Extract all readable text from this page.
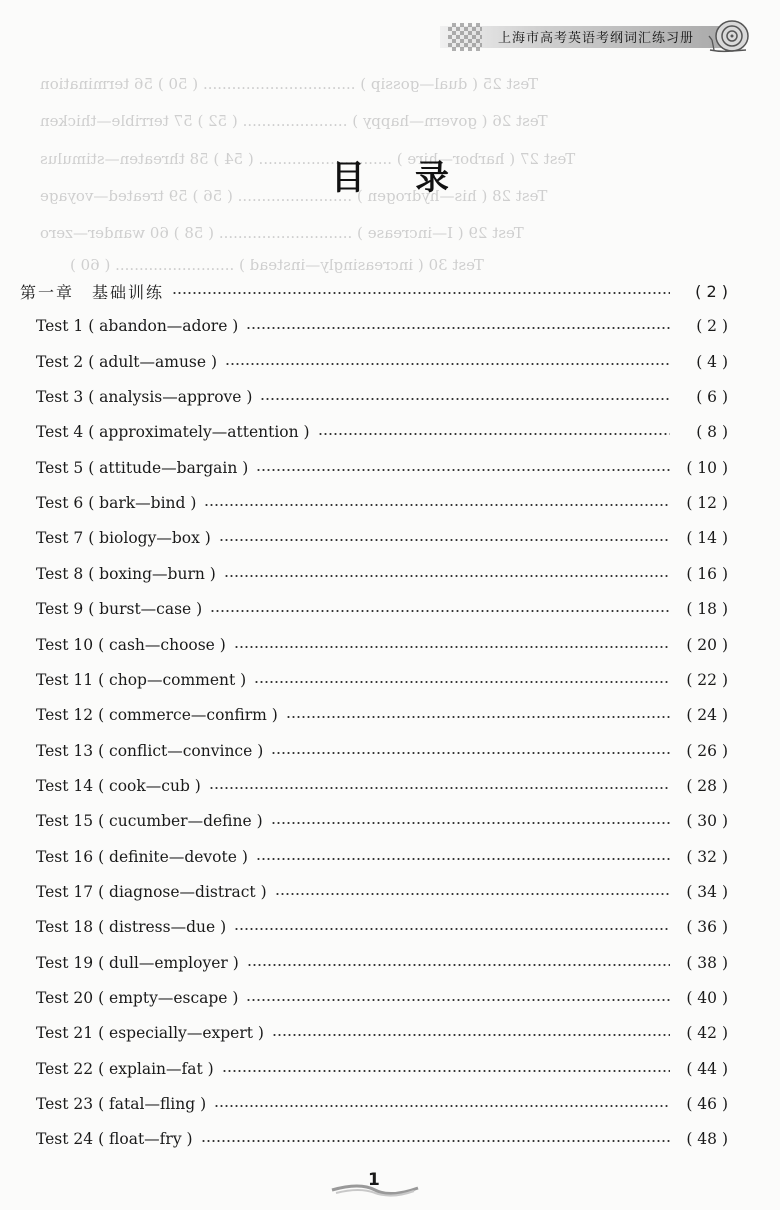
上海市高考英语考纲词汇练习册
Test 25 ( dual—gossip ) ................................ ( 50 ) 56 termination
Test 26 ( govern—happy ) ...................... ( 52 ) 57 terrible—thicken
Test 27 ( harbor—hire ) ............................ ( 54 ) 58 threaten—stimulus
Test 28 ( his—hydrogen ) ........................ ( 56 ) 59 treated—voyage
Test 29 ( I—increase ) ............................ ( 58 ) 60 wander—zero
Test 30 ( increasingly—instead ) ......................... ( 60 )
目录
第一章　基础训练	( 2 )
Test 1 ( abandon—adore )	( 2 )
Test 2 ( adult—amuse )	( 4 )
Test 3 ( analysis—approve )	( 6 )
Test 4 ( approximately—attention )	( 8 )
Test 5 ( attitude—bargain )	( 10 )
Test 6 ( bark—bind )	( 12 )
Test 7 ( biology—box )	( 14 )
Test 8 ( boxing—burn )	( 16 )
Test 9 ( burst—case )	( 18 )
Test 10 ( cash—choose )	( 20 )
Test 11 ( chop—comment )	( 22 )
Test 12 ( commerce—confirm )	( 24 )
Test 13 ( conflict—convince )	( 26 )
Test 14 ( cook—cub )	( 28 )
Test 15 ( cucumber—define )	( 30 )
Test 16 ( definite—devote )	( 32 )
Test 17 ( diagnose—distract )	( 34 )
Test 18 ( distress—due )	( 36 )
Test 19 ( dull—employer )	( 38 )
Test 20 ( empty—escape )	( 40 )
Test 21 ( especially—expert )	( 42 )
Test 22 ( explain—fat )	( 44 )
Test 23 ( fatal—fling )	( 46 )
Test 24 ( float—fry )	( 48 )
1
